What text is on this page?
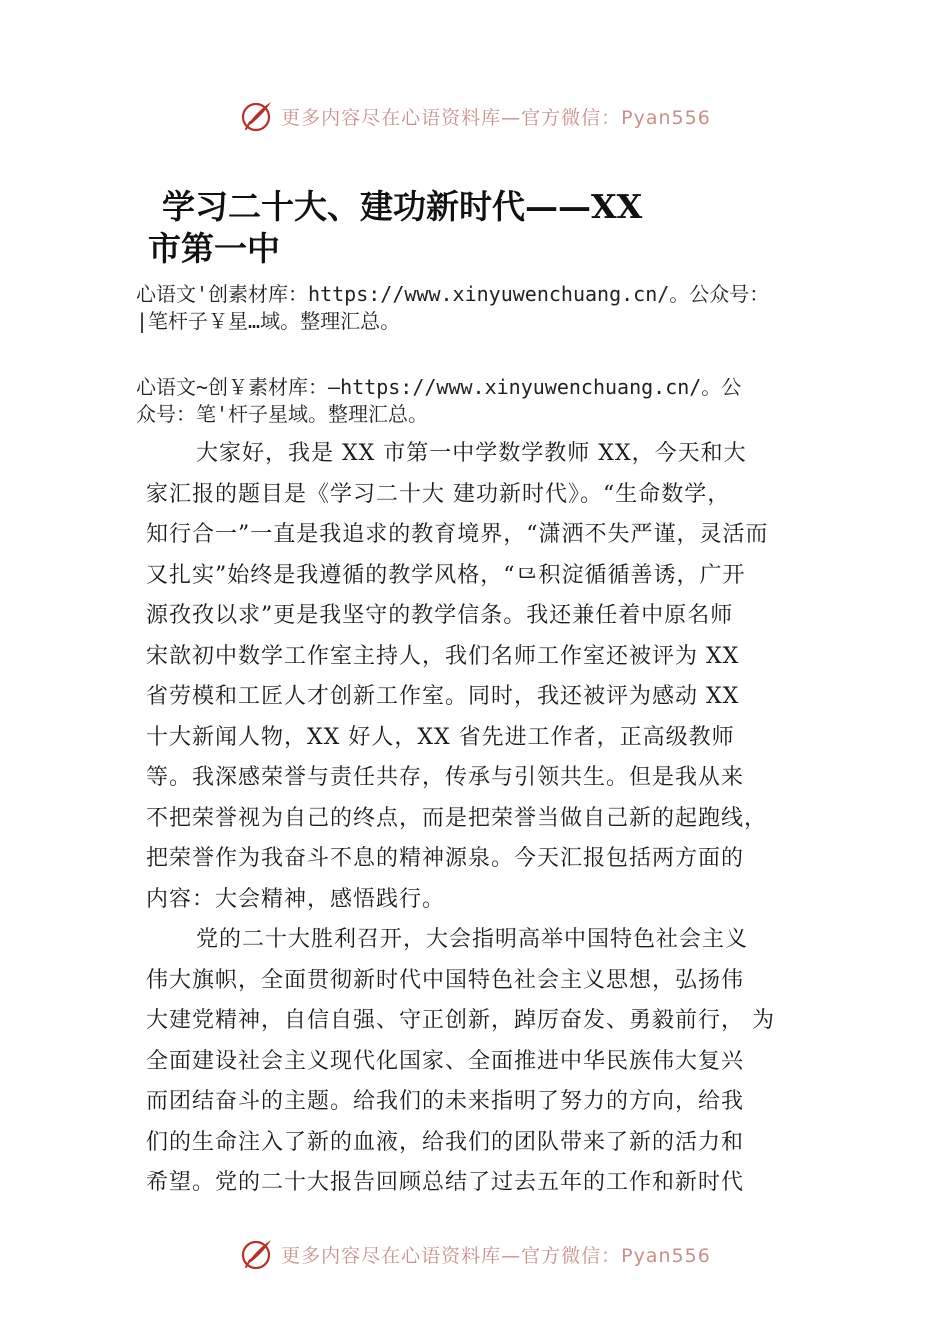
更多内容尽在心语资料库—官方微信：Pyan556
学习二十大、建功新时代——XX
市第一中
心语文'创素材库：https://www.xinyuwenchuang.cn/。公众号：
|笔杆子￥星…域。整理汇总。
心语文~创￥素材库：—https://www.xinyuwenchuang.cn/。公
众号：笔'杆子星域。整理汇总。
大家好，我是 XX 市第一中学数学教师 XX，今天和大
家汇报的题目是《学习二十大 建功新时代》。“生命数学，
知行合一”一直是我追求的教育境界，“潇洒不失严谨，灵活而
又扎实”始终是我遵循的教学风格，“⺋积淀循循善诱，广开
源孜孜以求”更是我坚守的教学信条。我还兼任着中原名师
宋歆初中数学工作室主持人，我们名师工作室还被评为 XX
省劳模和工匠人才创新工作室。同时，我还被评为感动 XX
十大新闻人物，XX 好人，XX 省先进工作者，正高级教师
等。我深感荣誉与责任共存，传承与引领共生。但是我从来
不把荣誉视为自己的终点，而是把荣誉当做自己新的起跑线，
把荣誉作为我奋斗不息的精神源泉。今天汇报包括两方面的
内容：大会精神，感悟践行。
党的二十大胜利召开，大会指明高举中国特色社会主义
伟大旗帜，全面贯彻新时代中国特色社会主义思想，弘扬伟
大建党精神，自信自强、守正创新，踔厉奋发、勇毅前行， 为
全面建设社会主义现代化国家、全面推进中华民族伟大复兴
而团结奋斗的主题。给我们的未来指明了努力的方向，给我
们的生命注入了新的血液，给我们的团队带来了新的活力和
希望。党的二十大报告回顾总结了过去五年的工作和新时代
更多内容尽在心语资料库—官方微信：Pyan556
